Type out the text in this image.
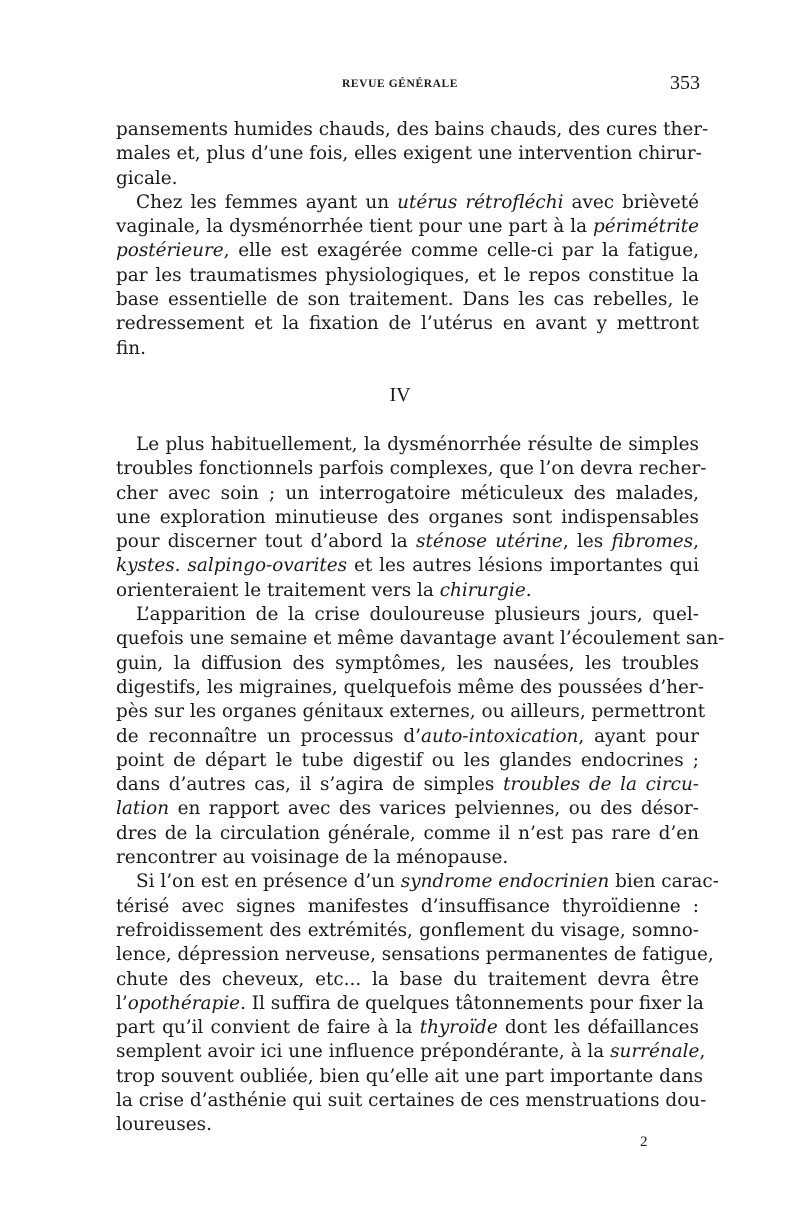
REVUE GÉNÉRALE	353
pansements humides chauds, des bains chauds, des cures ther-
males et, plus d’une fois, elles exigent une intervention chirur-
gicale.
Chez les femmes ayant un utérus rétrofléchi avec brièveté
vaginale, la dysménorrhée tient pour une part à la périmétrite
postérieure, elle est exagérée comme celle-ci par la fatigue,
par les traumatismes physiologiques, et le repos constitue la
base essentielle de son traitement. Dans les cas rebelles, le
redressement et la fixation de l’utérus en avant y mettront
fin.
IV
Le plus habituellement, la dysménorrhée résulte de simples
troubles fonctionnels parfois complexes, que l’on devra recher-
cher avec soin ; un interrogatoire méticuleux des malades,
une exploration minutieuse des organes sont indispensables
pour discerner tout d’abord la sténose utérine, les fibromes,
kystes. salpingo-ovarites et les autres lésions importantes qui
orienteraient le traitement vers la chirurgie.
L’apparition de la crise douloureuse plusieurs jours, quel-
quefois une semaine et même davantage avant l’écoulement san-
guin, la diffusion des symptômes, les nausées, les troubles
digestifs, les migraines, quelquefois même des poussées d’her-
pès sur les organes génitaux externes, ou ailleurs, permettront
de reconnaître un processus d’auto-intoxication, ayant pour
point de départ le tube digestif ou les glandes endocrines ;
dans d’autres cas, il s’agira de simples troubles de la circu-
lation en rapport avec des varices pelviennes, ou des désor-
dres de la circulation générale, comme il n’est pas rare d’en
rencontrer au voisinage de la ménopause.
Si l’on est en présence d’un syndrome endocrinien bien carac-
térisé avec signes manifestes d’insuffisance thyroïdienne :
refroidissement des extrémités, gonflement du visage, somno-
lence, dépression nerveuse, sensations permanentes de fatigue,
chute des cheveux, etc... la base du traitement devra être
l’opothérapie. Il suffira de quelques tâtonnements pour fixer la
part qu’il convient de faire à la thyroïde dont les défaillances
semplent avoir ici une influence prépondérante, à la surrénale,
trop souvent oubliée, bien qu’elle ait une part importante dans
la crise d’asthénie qui suit certaines de ces menstruations dou-
loureuses.
2
